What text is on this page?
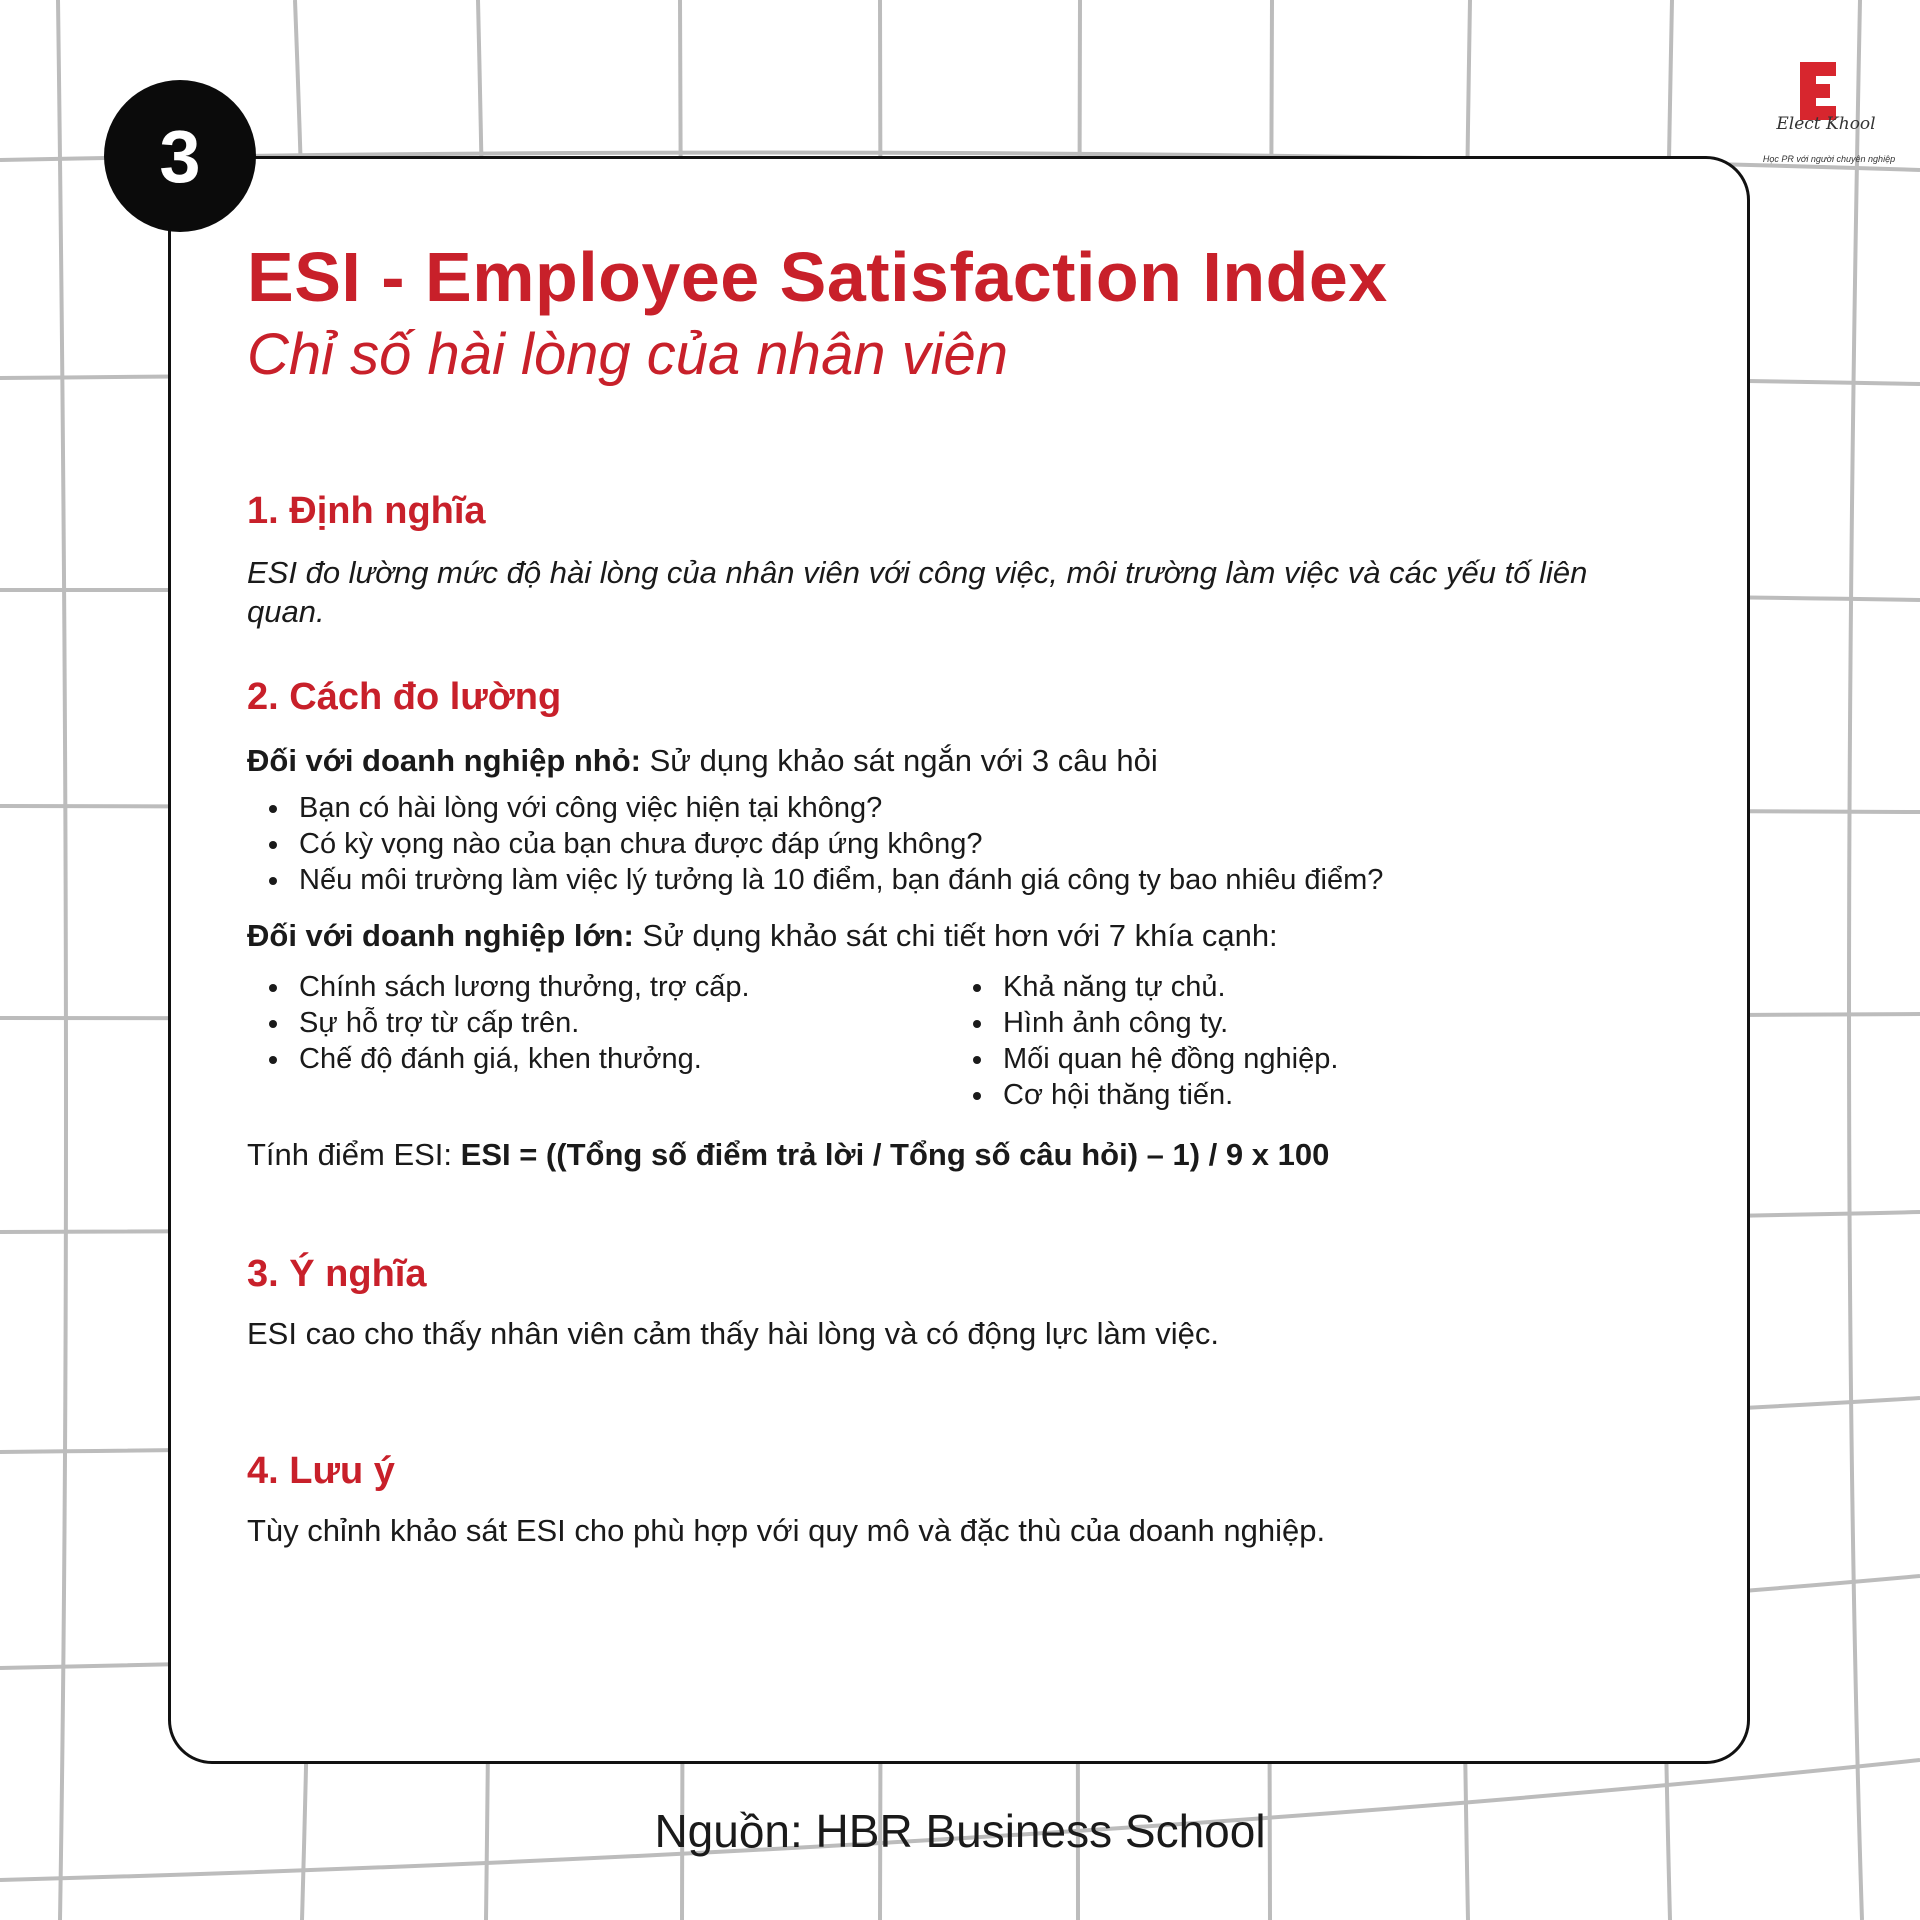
3	Elect Khool
Học PR với người chuyên nghiệp
ESI - Employee Satisfaction Index
Chỉ số hài lòng của nhân viên
1. Định nghĩa

ESI đo lường mức độ hài lòng của nhân viên với công việc, môi trường làm việc và các yếu tố liên quan.

2. Cách đo lường

Đối với doanh nghiệp nhỏ: Sử dụng khảo sát ngắn với 3 câu hỏi

Bạn có hài lòng với công việc hiện tại không?
Có kỳ vọng nào của bạn chưa được đáp ứng không?
Nếu môi trường làm việc lý tưởng là 10 điểm, bạn đánh giá công ty bao nhiêu điểm?

Đối với doanh nghiệp lớn: Sử dụng khảo sát chi tiết hơn với 7 khía cạnh:

Chính sách lương thưởng, trợ cấp.
Sự hỗ trợ từ cấp trên.
Chế độ đánh giá, khen thưởng.
Khả năng tự chủ.
Hình ảnh công ty.
Mối quan hệ đồng nghiệp.
Cơ hội thăng tiến.

Tính điểm ESI: ESI = ((Tổng số điểm trả lời / Tổng số câu hỏi) – 1) / 9 x 100

3. Ý nghĩa

ESI cao cho thấy nhân viên cảm thấy hài lòng và có động lực làm việc.

4. Lưu ý

Tùy chỉnh khảo sát ESI cho phù hợp với quy mô và đặc thù của doanh nghiệp.

Nguồn: HBR Business School
